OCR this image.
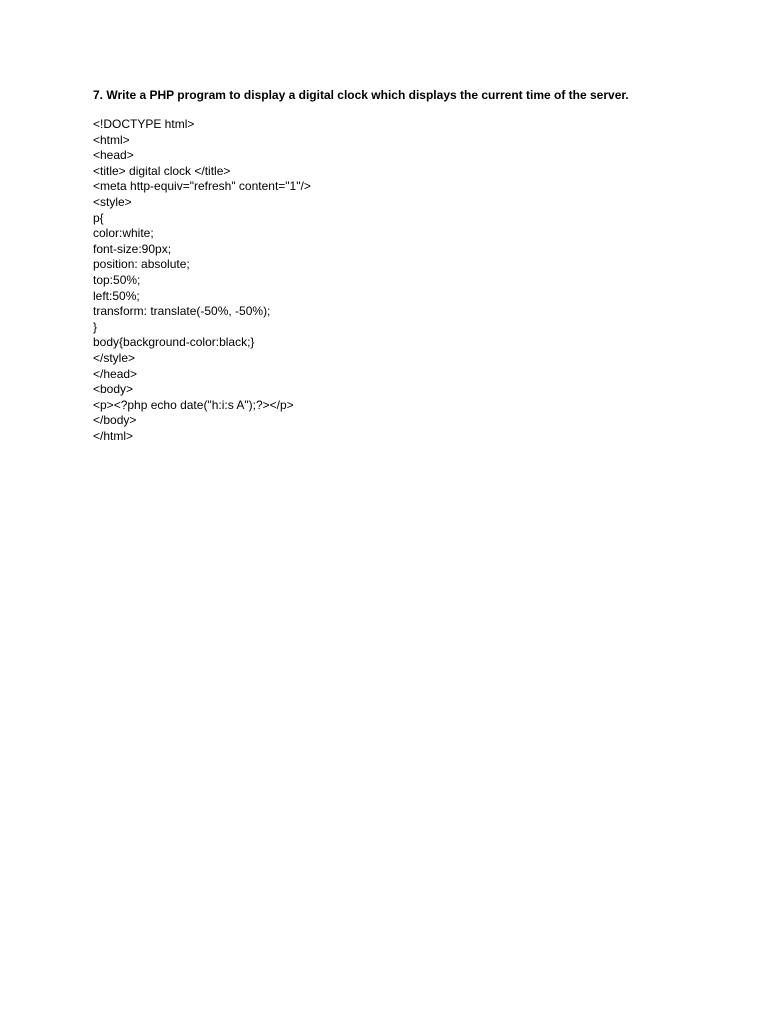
7. Write a PHP program to display a digital clock which displays the current time of the server.
<!DOCTYPE html>
<html>
<head>
<title> digital clock </title>
<meta http-equiv="refresh" content="1"/>
<style>
p{
color:white;
font-size:90px;
position: absolute;
top:50%;
left:50%;
transform: translate(-50%, -50%);
}
body{background-color:black;}
</style>
</head>
<body>
<p><?php echo date("h:i:s A");?></p>
</body>
</html>
